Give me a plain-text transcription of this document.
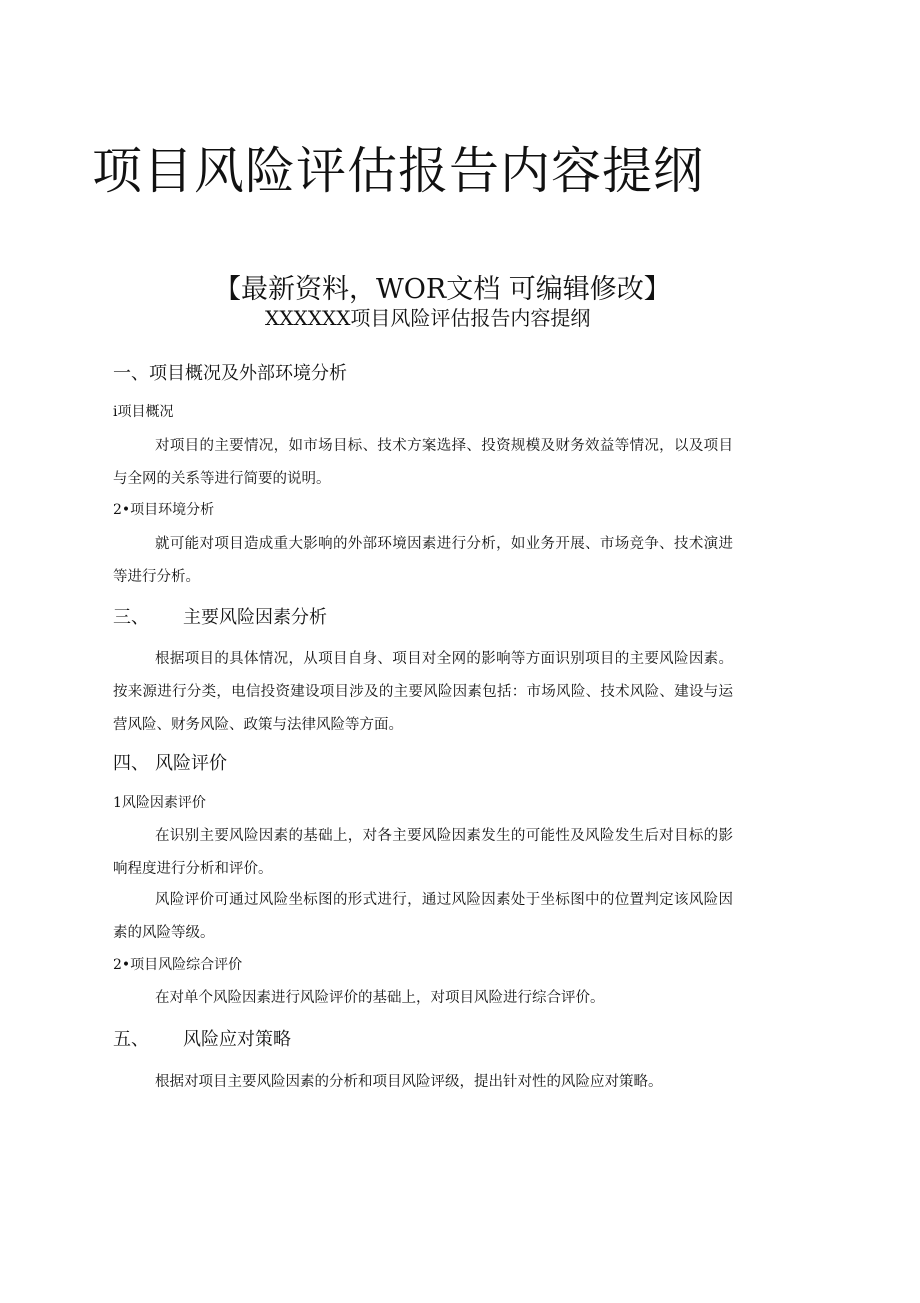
项目风险评估报告内容提纲
【最新资料，WOR文档 可编辑修改】
XXXXXX项目风险评估报告内容提纲
一、项目概况及外部环境分析
i项目概况

对项目的主要情况，如市场目标、技术方案选择、投资规模及财务效益等情况，以及项目与全网的关系等进行简要的说明。

2•项目环境分析

就可能对项目造成重大影响的外部环境因素进行分析，如业务开展、市场竞争、技术演进等进行分析。

三、 主要风险因素分析

根据项目的具体情况，从项目自身、项目对全网的影响等方面识别项目的主要风险因素。按来源进行分类，电信投资建设项目涉及的主要风险因素包括：市场风险、技术风险、建设与运营风险、财务风险、政策与法律风险等方面。

四、 风险评价
1风险因素评价

在识别主要风险因素的基础上，对各主要风险因素发生的可能性及风险发生后对目标的影响程度进行分析和评价。

风险评价可通过风险坐标图的形式进行，通过风险因素处于坐标图中的位置判定该风险因素的风险等级。

2•项目风险综合评价

在对单个风险因素进行风险评价的基础上，对项目风险进行综合评价。

五、 风险应对策略

根据对项目主要风险因素的分析和项目风险评级，提出针对性的风险应对策略。
